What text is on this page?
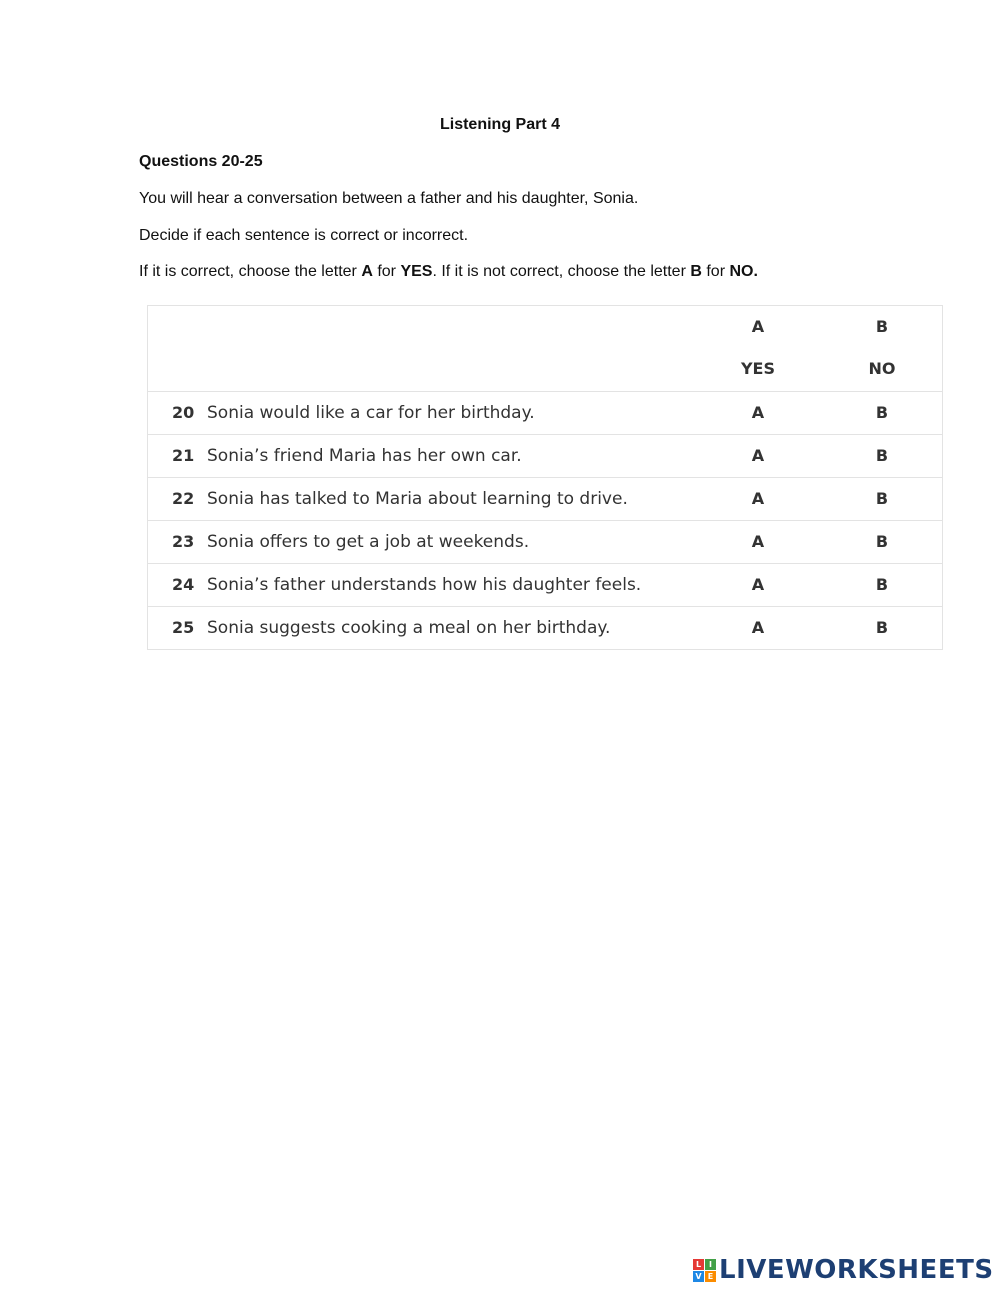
Listening Part 4
Questions 20-25
You will hear a conversation between a father and his daughter, Sonia.
Decide if each sentence is correct or incorrect.
If it is correct, choose the letter A for YES. If it is not correct, choose the letter B for NO.
A	B
YES	NO
20 Sonia would like a car for her birthday.	A	B
21 Sonia’s friend Maria has her own car.	A	B
22 Sonia has talked to Maria about learning to drive.	A	B
23 Sonia offers to get a job at weekends.	A	B
24 Sonia’s father understands how his daughter feels.	A	B
25 Sonia suggests cooking a meal on her birthday.	A	B
L I
V E LIVEWORKSHEETS
